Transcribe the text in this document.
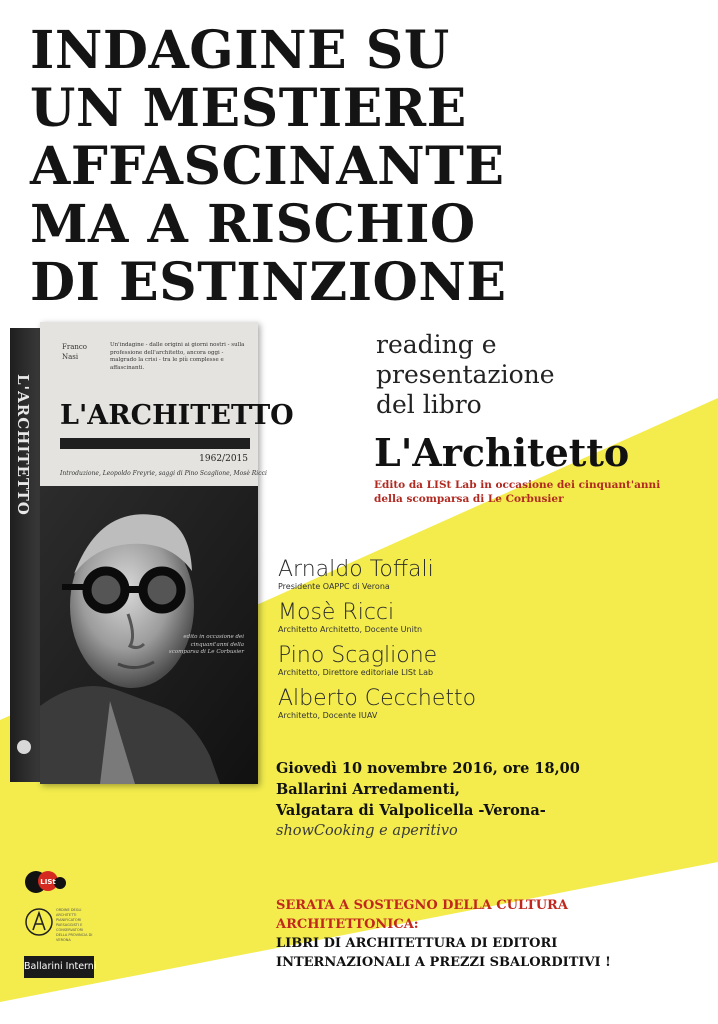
INDAGINE SU
UN MESTIERE
AFFASCINANTE
MA A RISCHIO
DI ESTINZIONE
L'ARCHITETTO
Franco
Nasi
Un'indagine - dalle origini ai giorni nostri - sulla professione dell'architetto, ancora oggi - malgrado la crisi - tra le più complesse e affascinanti.
L'ARCHITETTO
1962/2015
Introduzione, Leopoldo Freyrie, saggi di Pino Scaglione, Mosè Ricci
edito in occasione dei cinquant'anni della scomparsa di Le Corbusier
reading e
presentazione
del libro
L'Architetto
Edito da LISt Lab in occasione dei cinquant'anni
della scomparsa di Le Corbusier
Arnaldo Toffali
Presidente OAPPC di Verona
Mosè Ricci
Architetto Architetto, Docente Unitn
Pino Scaglione
Architetto, Direttore editoriale LISt Lab
Alberto Cecchetto
Architetto, Docente IUAV
Giovedì 10 novembre 2016, ore 18,00
Ballarini Arredamenti,
Valgatara di Valpolicella -Verona-
showCooking e aperitivo
SERATA A SOSTEGNO DELLA CULTURA
ARCHITETTONICA:
LIBRI DI ARCHITETTURA DI EDITORI
INTERNAZIONALI A PREZZI SBALORDITIVI !
LISt
ORDINE DEGLI ARCHITETTI PIANIFICATORI PAESAGGISTI E CONSERVATORI DELLA PROVINCIA DI VERONA
Ballarini Interni
